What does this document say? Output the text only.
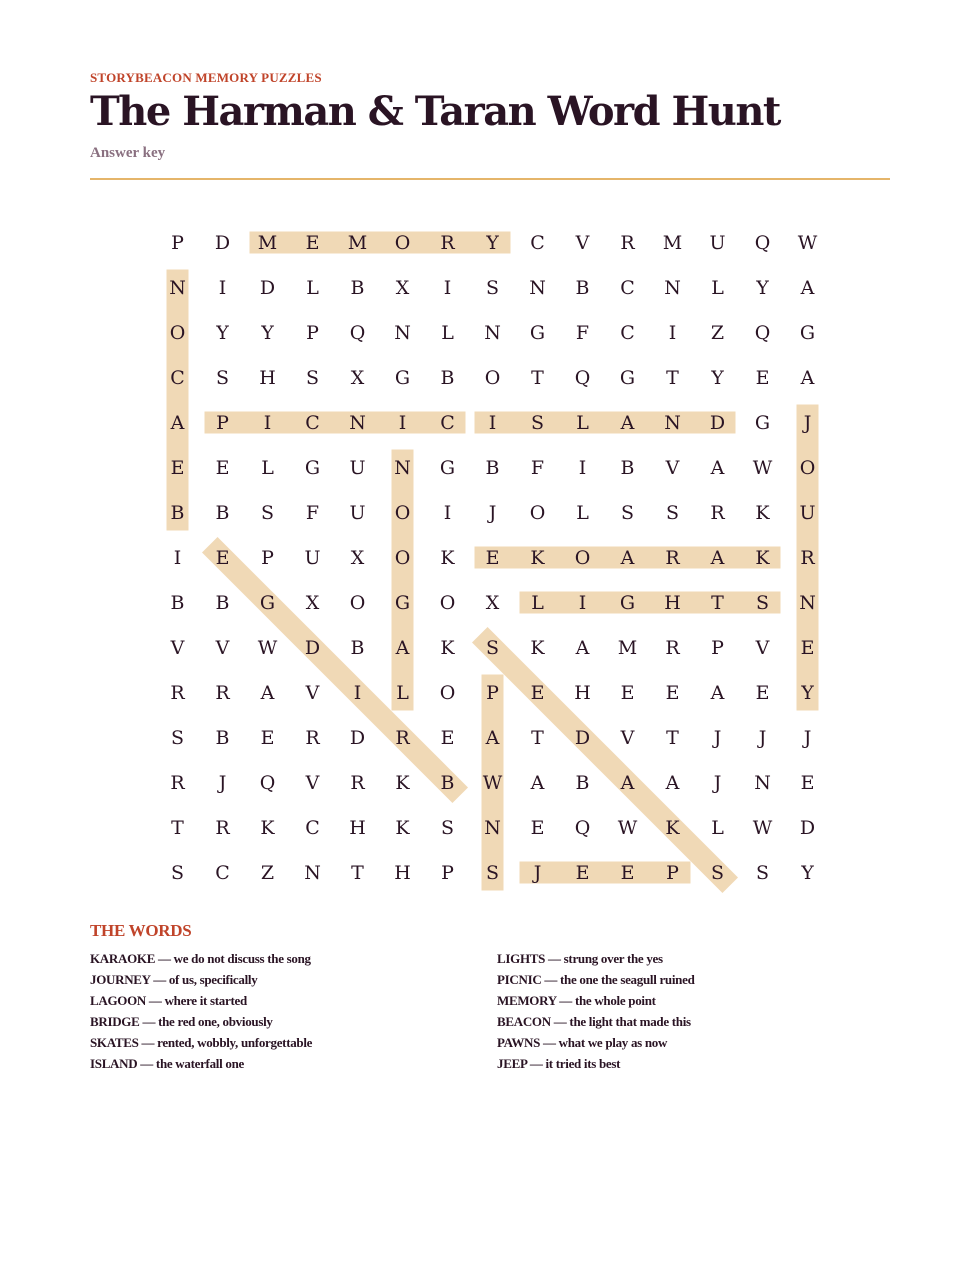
STORYBEACON MEMORY PUZZLES
The Harman & Taran Word Hunt
Answer key
P	D	M	E	M	O	R	Y	C	V	R	M	U	Q	W
N	I	D	L	B	X	I	S	N	B	C	N	L	Y	A
O	Y	Y	P	Q	N	L	N	G	F	C	I	Z	Q	G
C	S	H	S	X	G	B	O	T	Q	G	T	Y	E	A
A	P	I	C	N	I	C	I	S	L	A	N	D	G	J
E	E	L	G	U	N	G	B	F	I	B	V	A	W	O
B	B	S	F	U	O	I	J	O	L	S	S	R	K	U
I	E	P	U	X	O	K	E	K	O	A	R	A	K	R
B	B	G	X	O	G	O	X	L	I	G	H	T	S	N
V	V	W	D	B	A	K	S	K	A	M	R	P	V	E
R	R	A	V	I	L	O	P	E	H	E	E	A	E	Y
S	B	E	R	D	R	E	A	T	D	V	T	J	J	J
R	J	Q	V	R	K	B	W	A	B	A	A	J	N	E
T	R	K	C	H	K	S	N	E	Q	W	K	L	W	D
S	C	Z	N	T	H	P	S	J	E	E	P	S	S	Y
THE WORDS
KARAOKE — we do not discuss the song
JOURNEY — of us, specifically
LAGOON — where it started
BRIDGE — the red one, obviously
SKATES — rented, wobbly, unforgettable
ISLAND — the waterfall one
LIGHTS — strung over the yes
PICNIC — the one the seagull ruined
MEMORY — the whole point
BEACON — the light that made this
PAWNS — what we play as now
JEEP — it tried its best
